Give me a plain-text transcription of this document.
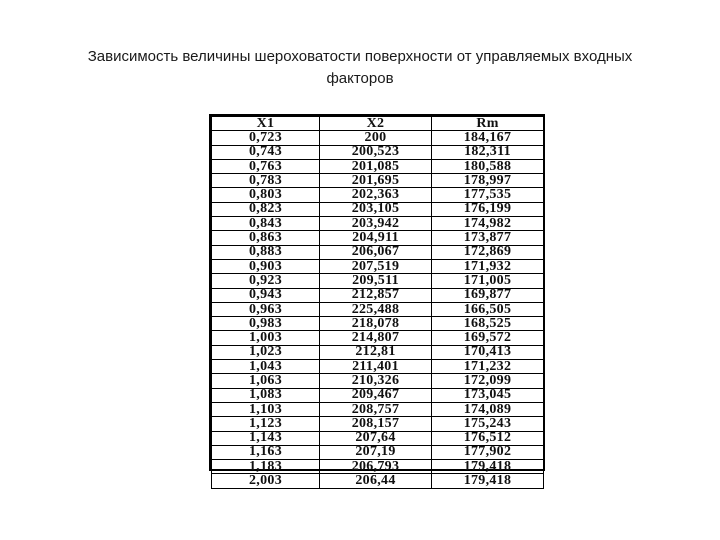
Зависимость величины шероховатости поверхности от управляемых входных
факторов
X1	X2	Rm
0,723	200	184,167
0,743	200,523	182,311
0,763	201,085	180,588
0,783	201,695	178,997
0,803	202,363	177,535
0,823	203,105	176,199
0,843	203,942	174,982
0,863	204,911	173,877
0,883	206,067	172,869
0,903	207,519	171,932
0,923	209,511	171,005
0,943	212,857	169,877
0,963	225,488	166,505
0,983	218,078	168,525
1,003	214,807	169,572
1,023	212,81	170,413
1,043	211,401	171,232
1,063	210,326	172,099
1,083	209,467	173,045
1,103	208,757	174,089
1,123	208,157	175,243
1,143	207,64	176,512
1,163	207,19	177,902
1,183	206,793	179,418
2,003	206,44	179,418
